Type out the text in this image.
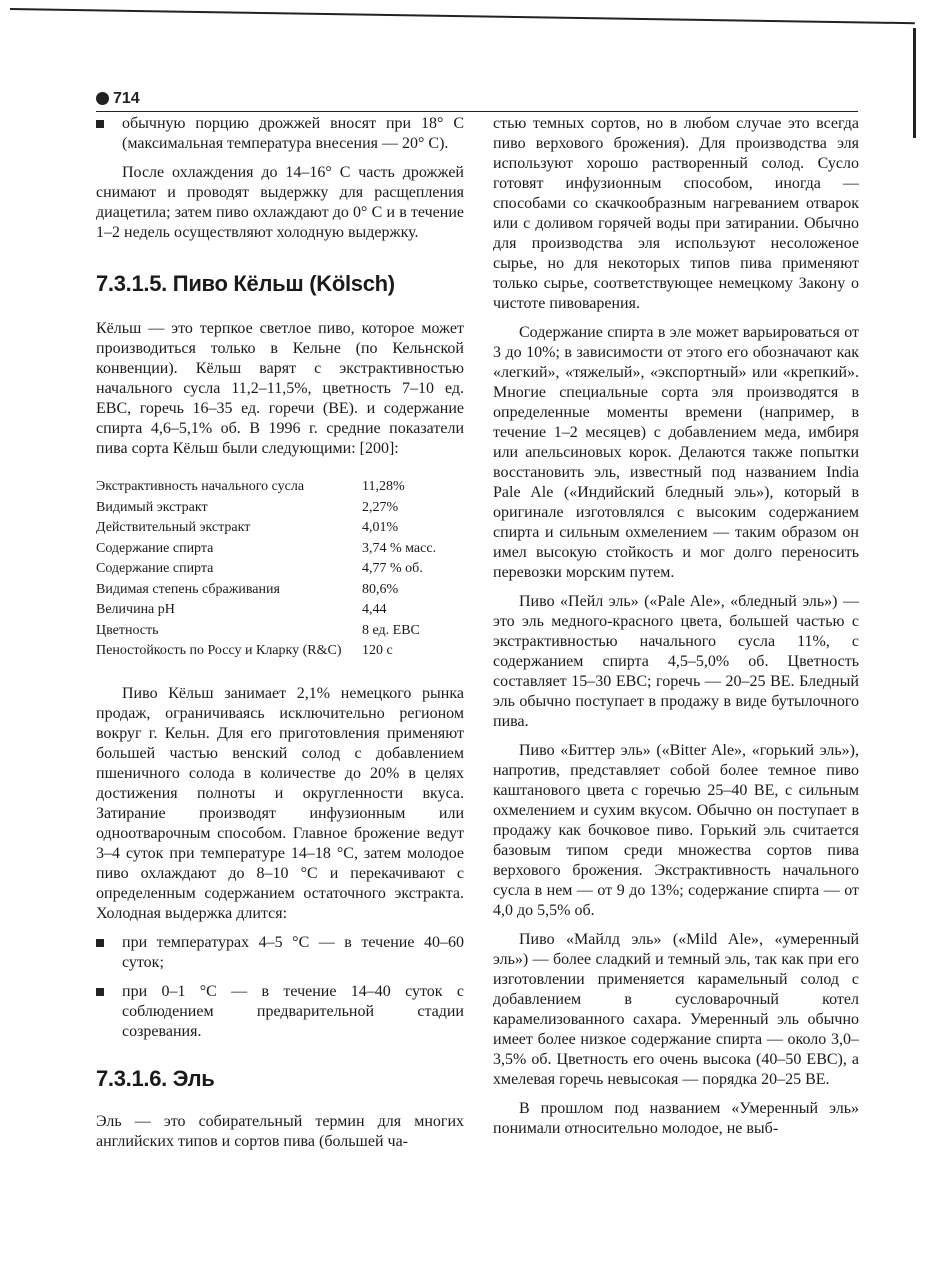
714
обычную порцию дрожжей вносят при 18° С (максимальная температура внесения — 20° С).

После охлаждения до 14–16° С часть дрожжей снимают и проводят выдержку для расщепления диацетила; затем пиво охлаждают до 0° С и в течение 1–2 недель осуществляют холодную выдержку.

7.3.1.5. Пиво Кёльш (Kölsch)

Кёльш — это терпкое светлое пиво, которое может производиться только в Кельне (по Кельнской конвенции). Кёльш варят с экстрактивностью начального сусла 11,2–11,5%, цветность 7–10 ед. EBC, горечь 16–35 ед. горечи (ВЕ). и содержание спирта 4,6–5,1% об. В 1996 г. средние показатели пива сорта Кёльш были следующими: [200]:

Экстрактивность начального сусла	11,28%
Видимый экстракт	2,27%
Действительный экстракт	4,01%
Содержание спирта	3,74 % масс.
Содержание спирта	4,77 % об.
Видимая степень сбраживания	80,6%
Величина рН	4,44
Цветность	8 ед. EBC
Пеностойкость по Россу и Кларку (R&C)	120 с

Пиво Кёльш занимает 2,1% немецкого рынка продаж, ограничиваясь исключительно регионом вокруг г. Кельн. Для его приготовления применяют большей частью венский солод с добавлением пшеничного солода в количестве до 20% в целях достижения полноты и округленности вкуса. Затирание производят инфузионным или одноотварочным способом. Главное брожение ведут 3–4 суток при температуре 14–18 °С, затем молодое пиво охлаждают до 8–10 °С и перекачивают с определенным содержанием остаточного экстракта. Холодная выдержка длится:

при температурах 4–5 °С — в течение 40–60 суток;
при 0–1 °С — в течение 14–40 суток с соблюдением предварительной стадии созревания.
7.3.1.6. Эль

Эль — это собирательный термин для многих английских типов и сортов пива (большей ча-

стью темных сортов, но в любом случае это всегда пиво верхового брожения). Для производства эля используют хорошо растворенный солод. Сусло готовят инфузионным способом, иногда — способами со скачкообразным нагреванием отварок или с доливом горячей воды при затирании. Обычно для производства эля используют несоложеное сырье, но для некоторых типов пива применяют только сырье, соответствующее немецкому Закону о чистоте пивоварения.

Содержание спирта в эле может варьироваться от 3 до 10%; в зависимости от этого его обозначают как «легкий», «тяжелый», «экспортный» или «крепкий». Многие специальные сорта эля производятся в определенные моменты времени (например, в течение 1–2 месяцев) с добавлением меда, имбиря или апельсиновых корок. Делаются также попытки восстановить эль, известный под названием India Pale Ale («Индийский бледный эль»), который в оригинале изготовлялся с высоким содержанием спирта и сильным охмелением — таким образом он имел высокую стойкость и мог долго переносить перевозки морским путем.

Пиво «Пейл эль» («Pale Ale», «бледный эль») — это эль медного-красного цвета, большей частью с экстрактивностью начального сусла 11%, с содержанием спирта 4,5–5,0% об. Цветность составляет 15–30 EBC; горечь — 20–25 ВЕ. Бледный эль обычно поступает в продажу в виде бутылочного пива.

Пиво «Биттер эль» («Bitter Ale», «горький эль»), напротив, представляет собой более темное пиво каштанового цвета с горечью 25–40 ВЕ, с сильным охмелением и сухим вкусом. Обычно он поступает в продажу как бочковое пиво. Горький эль считается базовым типом среди множества сортов пива верхового брожения. Экстрактивность начального сусла в нем — от 9 до 13%; содержание спирта — от 4,0 до 5,5% об.

Пиво «Майлд эль» («Mild Ale», «умеренный эль») — более сладкий и темный эль, так как при его изготовлении применяется карамельный солод с добавлением в сусловарочный котел карамелизованного сахара. Умеренный эль обычно имеет более низкое содержание спирта — около 3,0–3,5% об. Цветность его очень высока (40–50 EBC), а хмелевая горечь невысокая — порядка 20–25 ВЕ.

В прошлом под названием «Умеренный эль» понимали относительно молодое, не выб-
